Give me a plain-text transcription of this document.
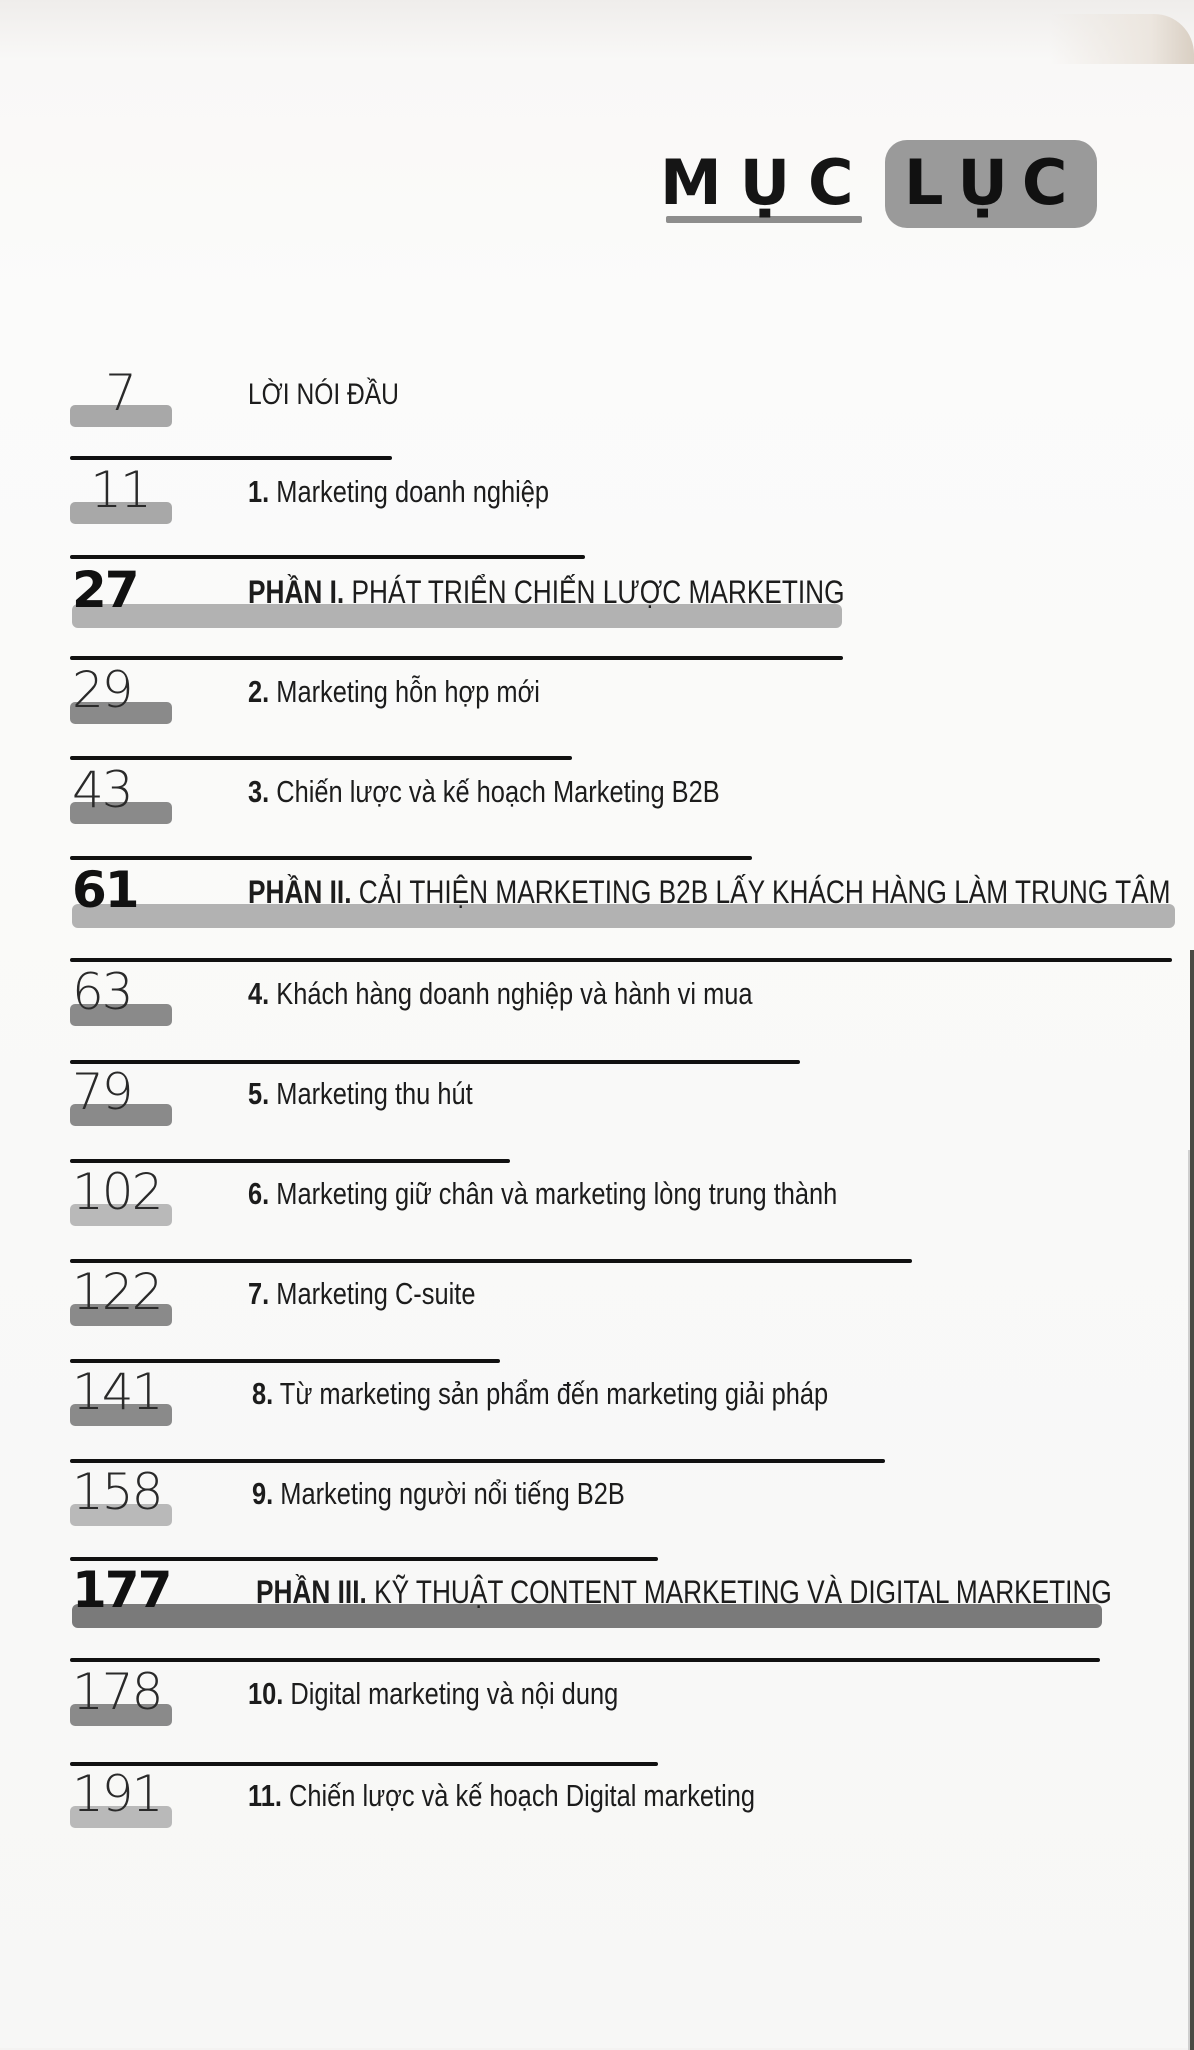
MỤC LỤC
7	LỜI NÓI ĐẦU
11	1. Marketing doanh nghiệp
27	PHẦN I. PHÁT TRIỂN CHIẾN LƯỢC MARKETING
29	2. Marketing hỗn hợp mới
43	3. Chiến lược và kế hoạch Marketing B2B
61	PHẦN II. CẢI THIỆN MARKETING B2B LẤY KHÁCH HÀNG LÀM TRUNG TÂM
63	4. Khách hàng doanh nghiệp và hành vi mua
79	5. Marketing thu hút
102	6. Marketing giữ chân và marketing lòng trung thành
122	7. Marketing C-suite
141	8. Từ marketing sản phẩm đến marketing giải pháp
158	9. Marketing người nổi tiếng B2B
177	PHẦN III. KỸ THUẬT CONTENT MARKETING VÀ DIGITAL MARKETING
178	10. Digital marketing và nội dung
191	11. Chiến lược và kế hoạch Digital marketing
